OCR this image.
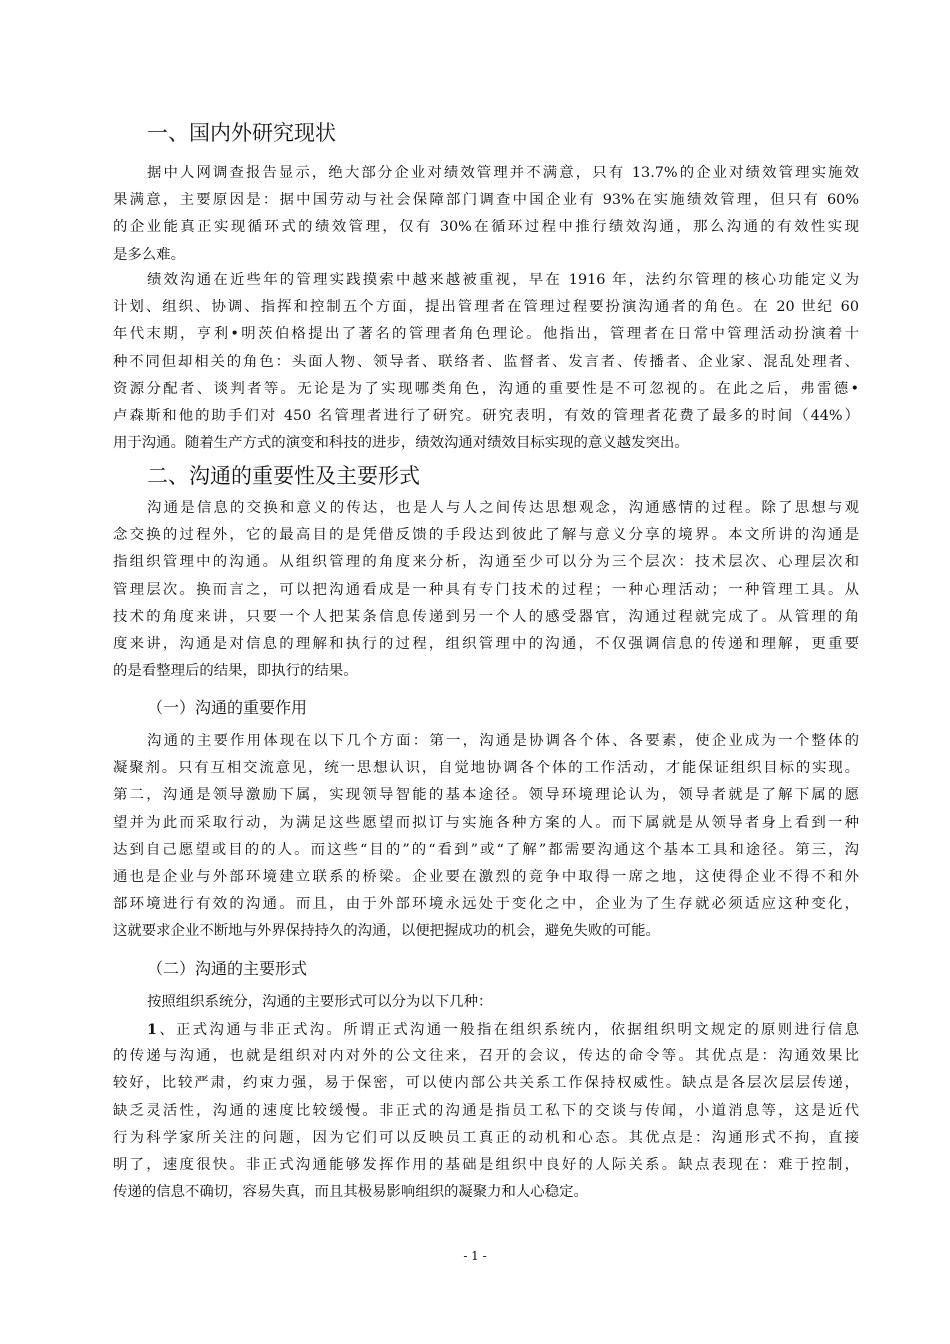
一、国内外研究现状
据中人网调查报告显示，绝大部分企业对绩效管理并不满意，只有 13.7%的企业对绩效管理实施效
果满意，主要原因是：据中国劳动与社会保障部门调查中国企业有 93%在实施绩效管理，但只有 60%
的企业能真正实现循环式的绩效管理，仅有 30%在循环过程中推行绩效沟通，那么沟通的有效性实现
是多么难。
绩效沟通在近些年的管理实践摸索中越来越被重视，早在 1916 年，法约尔管理的核心功能定义为
计划、组织、协调、指挥和控制五个方面，提出管理者在管理过程要扮演沟通者的角色。在 20 世纪 60
年代末期，亨利•明茨伯格提出了著名的管理者角色理论。他指出，管理者在日常中管理活动扮演着十
种不同但却相关的角色：头面人物、领导者、联络者、监督者、发言者、传播者、企业家、混乱处理者、
资源分配者、谈判者等。无论是为了实现哪类角色，沟通的重要性是不可忽视的。在此之后，弗雷德•
卢森斯和他的助手们对 450 名管理者进行了研究。研究表明，有效的管理者花费了最多的时间（44%）
用于沟通。随着生产方式的演变和科技的进步，绩效沟通对绩效目标实现的意义越发突出。
二、沟通的重要性及主要形式
沟通是信息的交换和意义的传达，也是人与人之间传达思想观念，沟通感情的过程。除了思想与观
念交换的过程外，它的最高目的是凭借反馈的手段达到彼此了解与意义分享的境界。本文所讲的沟通是
指组织管理中的沟通。从组织管理的角度来分析，沟通至少可以分为三个层次：技术层次、心理层次和
管理层次。换而言之，可以把沟通看成是一种具有专门技术的过程；一种心理活动；一种管理工具。从
技术的角度来讲，只要一个人把某条信息传递到另一个人的感受器官，沟通过程就完成了。从管理的角
度来讲，沟通是对信息的理解和执行的过程，组织管理中的沟通，不仅强调信息的传递和理解，更重要
的是看整理后的结果，即执行的结果。
（一）沟通的重要作用
沟通的主要作用体现在以下几个方面：第一，沟通是协调各个体、各要素，使企业成为一个整体的
凝聚剂。只有互相交流意见，统一思想认识，自觉地协调各个体的工作活动，才能保证组织目标的实现。
第二，沟通是领导激励下属，实现领导智能的基本途径。领导环境理论认为，领导者就是了解下属的愿
望并为此而采取行动，为满足这些愿望而拟订与实施各种方案的人。而下属就是从领导者身上看到一种
达到自己愿望或目的的人。而这些“目的”的“看到”或“了解”都需要沟通这个基本工具和途径。第三，沟
通也是企业与外部环境建立联系的桥梁。企业要在激烈的竞争中取得一席之地，这使得企业不得不和外
部环境进行有效的沟通。而且，由于外部环境永远处于变化之中，企业为了生存就必须适应这种变化，
这就要求企业不断地与外界保持持久的沟通，以便把握成功的机会，避免失败的可能。
（二）沟通的主要形式
按照组织系统分，沟通的主要形式可以分为以下几种：
1、正式沟通与非正式沟。所谓正式沟通一般指在组织系统内，依据组织明文规定的原则进行信息
的传递与沟通，也就是组织对内对外的公文往来，召开的会议，传达的命令等。其优点是：沟通效果比
较好，比较严肃，约束力强，易于保密，可以使内部公共关系工作保持权威性。缺点是各层次层层传递，
缺乏灵活性，沟通的速度比较缓慢。非正式的沟通是指员工私下的交谈与传闻，小道消息等，这是近代
行为科学家所关注的问题，因为它们可以反映员工真正的动机和心态。其优点是：沟通形式不拘，直接
明了，速度很快。非正式沟通能够发挥作用的基础是组织中良好的人际关系。缺点表现在：难于控制，
传递的信息不确切，容易失真，而且其极易影响组织的凝聚力和人心稳定。
- 1 -
